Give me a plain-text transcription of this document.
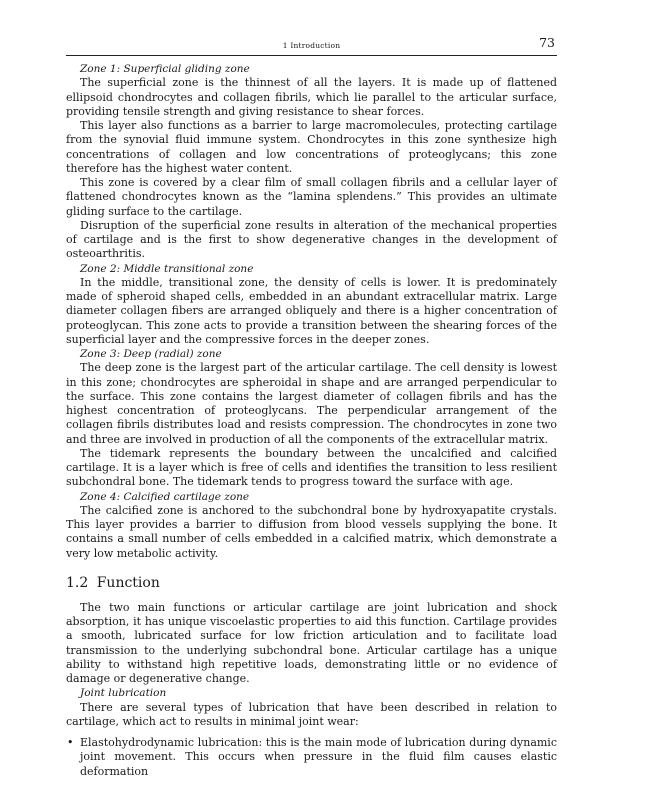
1 Introduction	73
Zone 1: Superficial gliding zone

The superficial zone is the thinnest of all the layers. It is made up of flattened ellipsoid chondrocytes and collagen fibrils, which lie parallel to the articular surface, providing tensile strength and giving resistance to shear forces.

This layer also functions as a barrier to large macromolecules, protecting cartilage from the synovial fluid immune system. Chondrocytes in this zone synthesize high concentrations of collagen and low concentrations of proteoglycans; this zone therefore has the highest water content.

This zone is covered by a clear film of small collagen fibrils and a cellular layer of flattened chondrocytes known as the “lamina splendens.” This provides an ultimate gliding surface to the cartilage.

Disruption of the superficial zone results in alteration of the mechanical properties of cartilage and is the first to show degenerative changes in the development of osteoarthritis.

Zone 2: Middle transitional zone

In the middle, transitional zone, the density of cells is lower. It is predominately made of spheroid shaped cells, embedded in an abundant extracellular matrix. Large diameter collagen fibers are arranged obliquely and there is a higher concentration of proteoglycan. This zone acts to provide a transition between the shearing forces of the superficial layer and the compressive forces in the deeper zones.

Zone 3: Deep (radial) zone

The deep zone is the largest part of the articular cartilage. The cell density is lowest in this zone; chondrocytes are spheroidal in shape and are arranged perpendicular to the surface. This zone contains the largest diameter of collagen fibrils and has the highest concentration of proteoglycans. The perpendicular arrangement of the collagen fibrils distributes load and resists compression. The chondrocytes in zone two and three are involved in production of all the components of the extracellular matrix.

The tidemark represents the boundary between the uncalcified and calcified cartilage. It is a layer which is free of cells and identifies the transition to less resilient subchondral bone. The tidemark tends to progress toward the surface with age.

Zone 4: Calcified cartilage zone

The calcified zone is anchored to the subchondral bone by hydroxyapatite crystals. This layer provides a barrier to diffusion from blood vessels supplying the bone. It contains a small number of cells embedded in a calcified matrix, which demonstrate a very low metabolic activity.

1.2 Function

The two main functions or articular cartilage are joint lubrication and shock absorption, it has unique viscoelastic properties to aid this function. Cartilage provides a smooth, lubricated surface for low friction articulation and to facilitate load transmission to the underlying subchondral bone. Articular cartilage has a unique ability to withstand high repetitive loads, demonstrating little or no evidence of damage or degenerative change.

Joint lubrication

There are several types of lubrication that have been described in relation to cartilage, which act to results in minimal joint wear:

• Elastohydrodynamic lubrication: this is the main mode of lubrication during dynamic joint movement. This occurs when pressure in the fluid film causes elastic deformation
